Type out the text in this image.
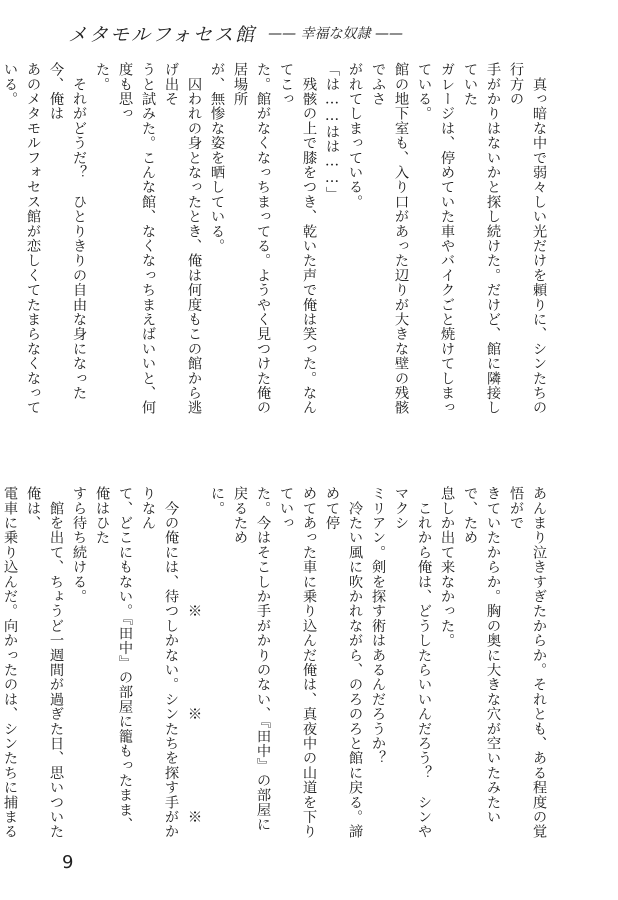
メタモルフォセス館 —— 幸福な奴隷 ——

　真っ暗な中で弱々しい光だけを頼りに、シンたちの行方の

手がかりはないかと探し続けた。だけど、館に隣接していた

ガレージは、停めていた車やバイクごと焼けてしまっている。

館の地下室も、入り口があった辺りが大きな壁の残骸でふさ

がれてしまっている。

「は……はは……」

　残骸の上で膝をつき、乾いた声で俺は笑った。なんてこっ

た。館がなくなっちまってる。ようやく見つけた俺の居場所

が、無惨な姿を晒している。

　囚われの身となったとき、俺は何度もこの館から逃げ出そ

うと試みた。こんな館、なくなっちまえばいいと、何度も思っ

た。

　それがどうだ？　ひとりきりの自由な身になった今、俺は

あのメタモルフォセス館が恋しくてたまらなくなっている。

あんまり泣きすぎたからか。それとも、ある程度の覚悟がで

きていたからか。胸の奥に大きな穴が空いたみたいで、ため

息しか出て来なかった。

　これから俺は、どうしたらいいんだろう？　シンやマクシ

ミリアン。剣を探す術はあるんだろうか？

　冷たい風に吹かれながら、のろのろと館に戻る。諦めて停

めてあった車に乗り込んだ俺は、真夜中の山道を下りていっ

た。今はそこしか手がかりのない、『田中』の部屋に戻るため

に。

　　　　　　　　※　　　　　　※　　　　　　※

　今の俺には、待つしかない。シンたちを探す手がかりなん

て、どこにもない。『田中』の部屋に籠もったまま、俺はひた

すら待ち続ける。

　館を出て、ちょうど一週間が過ぎた日、思いついた俺は、

電車に乗り込んだ。向かったのは、シンたちに捕まる

9
